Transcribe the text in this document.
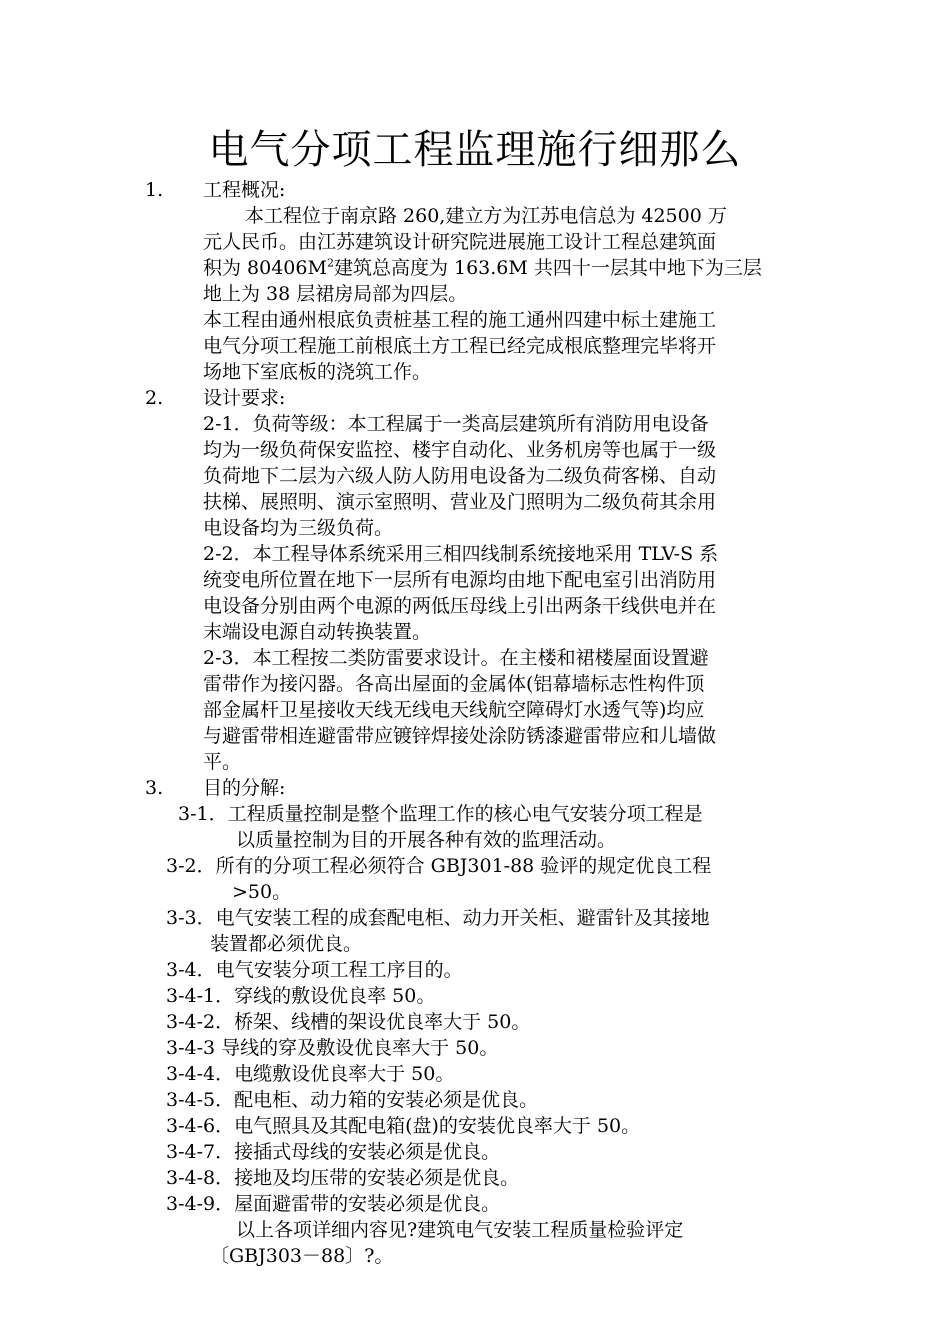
电气分项工程监理施行细那么
1. 工程概况:
本工程位于南京路 260,建立方为江苏电信总为 42500 万
元人民币。由江苏建筑设计研究院进展施工设计工程总建筑面
积为 $80406M^2$建筑总高度为 163.6M 共四十一层其中地下为三层
地上为 38 层裙房局部为四层。
本工程由通州根底负责桩基工程的施工通州四建中标土建施工
电气分项工程施工前根底土方工程已经完成根底整理完毕将开
场地下室底板的浇筑工作。
2. 设计要求:
2-1．负荷等级：本工程属于一类高层建筑所有消防用电设备
均为一级负荷保安监控、楼宇自动化、业务机房等也属于一级
负荷地下二层为六级人防人防用电设备为二级负荷客梯、自动
扶梯、展照明、演示室照明、营业及门照明为二级负荷其余用
电设备均为三级负荷。
2-2．本工程导体系统采用三相四线制系统接地采用 TLV-S 系
统变电所位置在地下一层所有电源均由地下配电室引出消防用
电设备分别由两个电源的两低压母线上引出两条干线供电并在
末端设电源自动转换装置。
2-3．本工程按二类防雷要求设计。在主楼和裙楼屋面设置避
雷带作为接闪器。各高出屋面的金属体(铝幕墙标志性构件顶
部金属杆卫星接收天线无线电天线航空障碍灯水透气等)均应
与避雷带相连避雷带应镀锌焊接处涂防锈漆避雷带应和儿墙做
平。
3. 目的分解:
3-1．工程质量控制是整个监理工作的核心电气安装分项工程是
以质量控制为目的开展各种有效的监理活动。
3-2．所有的分项工程必须符合 GBJ301-88 验评的规定优良工程
>50。
3-3．电气安装工程的成套配电柜、动力开关柜、避雷针及其接地
装置都必须优良。
3-4．电气安装分项工程工序目的。
3-4-1．穿线的敷设优良率 50。
3-4-2．桥架、线槽的架设优良率大于 50。
3-4-3 导线的穿及敷设优良率大于 50。
3-4-4．电缆敷设优良率大于 50。
3-4-5．配电柜、动力箱的安装必须是优良。
3-4-6．电气照具及其配电箱(盘)的安装优良率大于 50。
3-4-7．接插式母线的安装必须是优良。
3-4-8．接地及均压带的安装必须是优良。
3-4-9．屋面避雷带的安装必须是优良。
以上各项详细内容见?建筑电气安装工程质量检验评定
〔GBJ303－88〕?。
